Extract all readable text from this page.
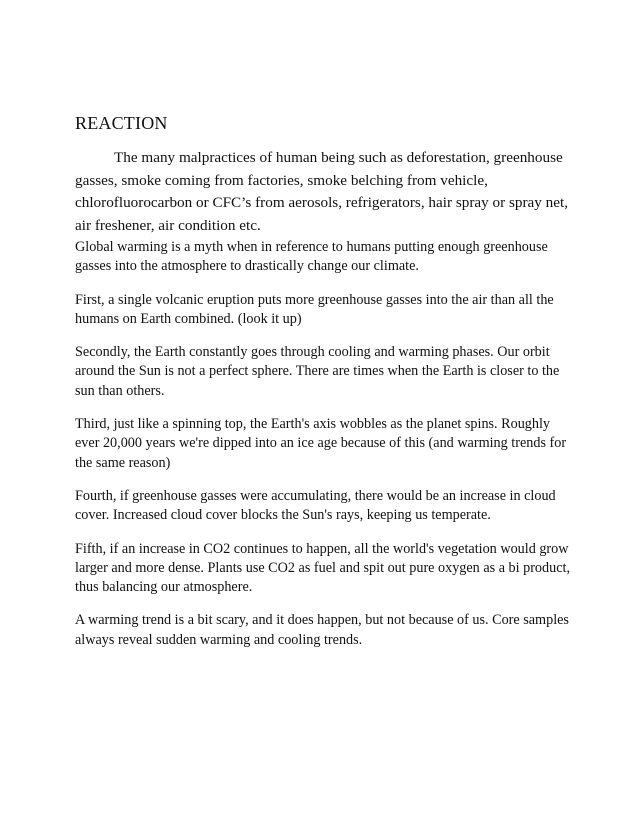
REACTION

The many malpractices of human being such as deforestation, greenhouse gasses, smoke coming from factories, smoke belching from vehicle, chlorofluorocarbon or CFC’s from aerosols, refrigerators, hair spray or spray net, air freshener, air condition etc.

Global warming is a myth when in reference to humans putting enough greenhouse gasses into the atmosphere to drastically change our climate.

First, a single volcanic eruption puts more greenhouse gasses into the air than all the humans on Earth combined. (look it up)

Secondly, the Earth constantly goes through cooling and warming phases. Our orbit around the Sun is not a perfect sphere. There are times when the Earth is closer to the sun than others.

Third, just like a spinning top, the Earth's axis wobbles as the planet spins. Roughly ever 20,000 years we're dipped into an ice age because of this (and warming trends for the same reason)

Fourth, if greenhouse gasses were accumulating, there would be an increase in cloud cover. Increased cloud cover blocks the Sun's rays, keeping us temperate.

Fifth, if an increase in CO2 continues to happen, all the world's vegetation would grow larger and more dense. Plants use CO2 as fuel and spit out pure oxygen as a bi product, thus balancing our atmosphere.

A warming trend is a bit scary, and it does happen, but not because of us. Core samples always reveal sudden warming and cooling trends.
